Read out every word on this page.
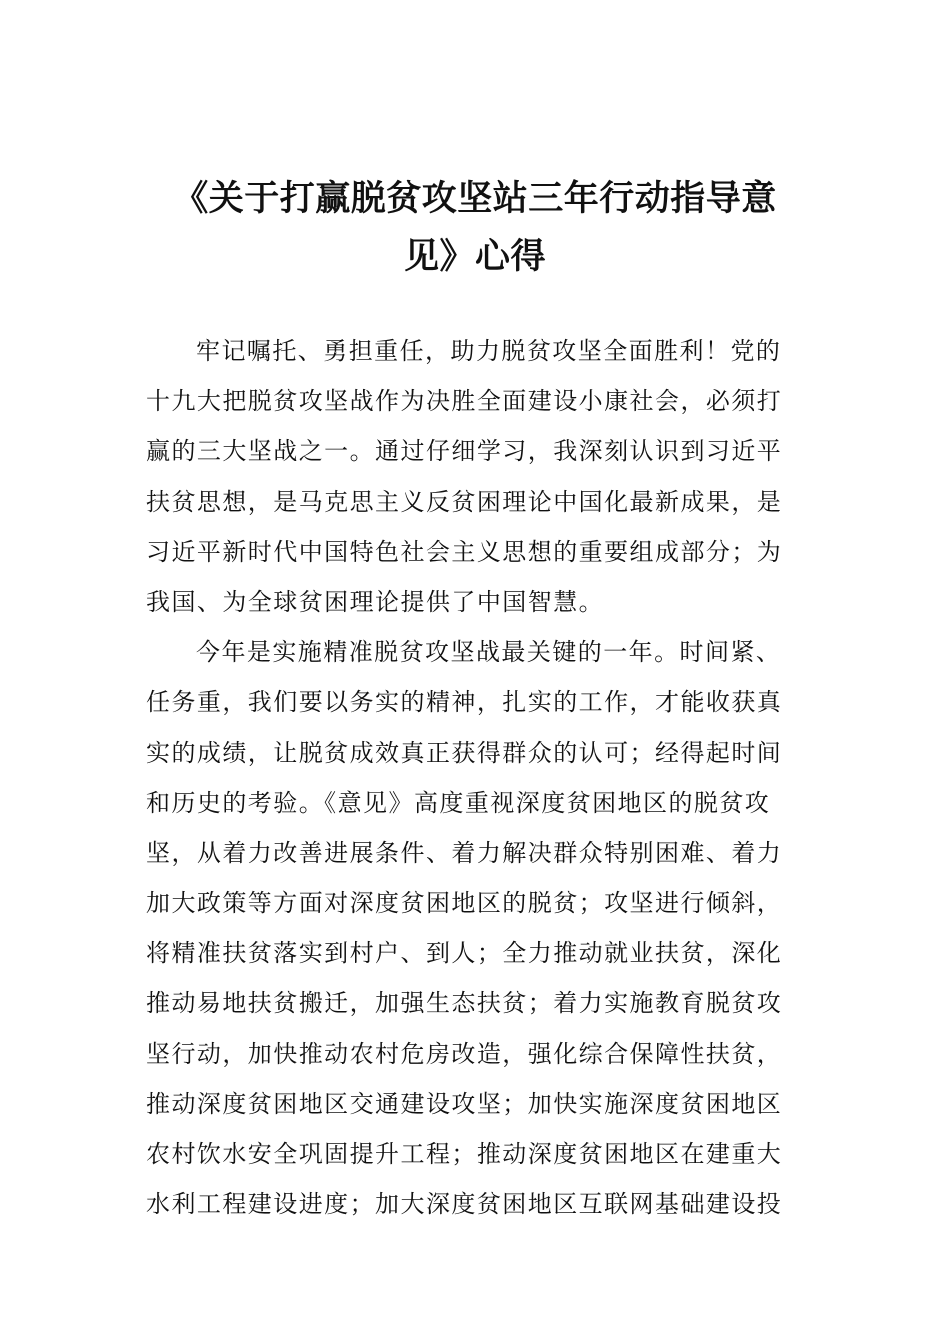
《关于打赢脱贫攻坚站三年行动指导意
见》心得
牢记嘱托、勇担重任，助力脱贫攻坚全面胜利！党的
十九大把脱贫攻坚战作为决胜全面建设小康社会，必须打
赢的三大坚战之一。通过仔细学习，我深刻认识到习近平
扶贫思想，是马克思主义反贫困理论中国化最新成果，是
习近平新时代中国特色社会主义思想的重要组成部分；为
我国、为全球贫困理论提供了中国智慧。
今年是实施精准脱贫攻坚战最关键的一年。时间紧、
任务重，我们要以务实的精神，扎实的工作，才能收获真
实的成绩，让脱贫成效真正获得群众的认可；经得起时间
和历史的考验。《意见》高度重视深度贫困地区的脱贫攻
坚，从着力改善进展条件、着力解决群众特别困难、着力
加大政策等方面对深度贫困地区的脱贫；攻坚进行倾斜，
将精准扶贫落实到村户、到人；全力推动就业扶贫，深化
推动易地扶贫搬迁，加强生态扶贫；着力实施教育脱贫攻
坚行动，加快推动农村危房改造，强化综合保障性扶贫，
推动深度贫困地区交通建设攻坚；加快实施深度贫困地区
农村饮水安全巩固提升工程；推动深度贫困地区在建重大
水利工程建设进度；加大深度贫困地区互联网基础建设投
